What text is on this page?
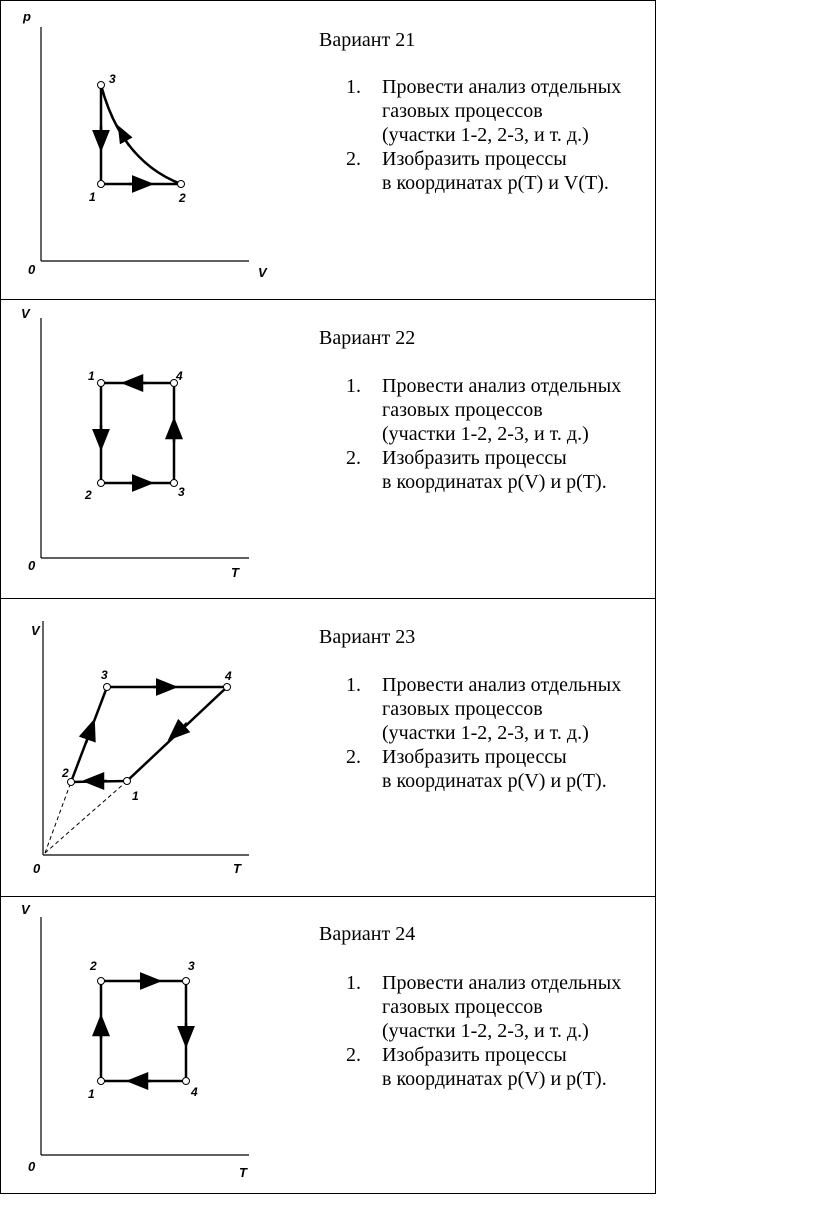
p
V
0
3
1	2
Вариант 21
1. Провести анализ отдельных
газовых процессов
(участки 1-2, 2-3, и т. д.)
2. Изобразить процессы
в координатах p(T) и V(T).
V
T
0
1	4
2	3
Вариант 22
1. Провести анализ отдельных
газовых процессов
(участки 1-2, 2-3, и т. д.)
2. Изобразить процессы
в координатах p(V) и p(T).
V
T
0
1
2
3	4
Вариант 23
1. Провести анализ отдельных
газовых процессов
(участки 1-2, 2-3, и т. д.)
2. Изобразить процессы
в координатах p(V) и p(T).
V
T
0
2	3
1	4
Вариант 24
1. Провести анализ отдельных
газовых процессов
(участки 1-2, 2-3, и т. д.)
2. Изобразить процессы
в координатах p(V) и p(T).
